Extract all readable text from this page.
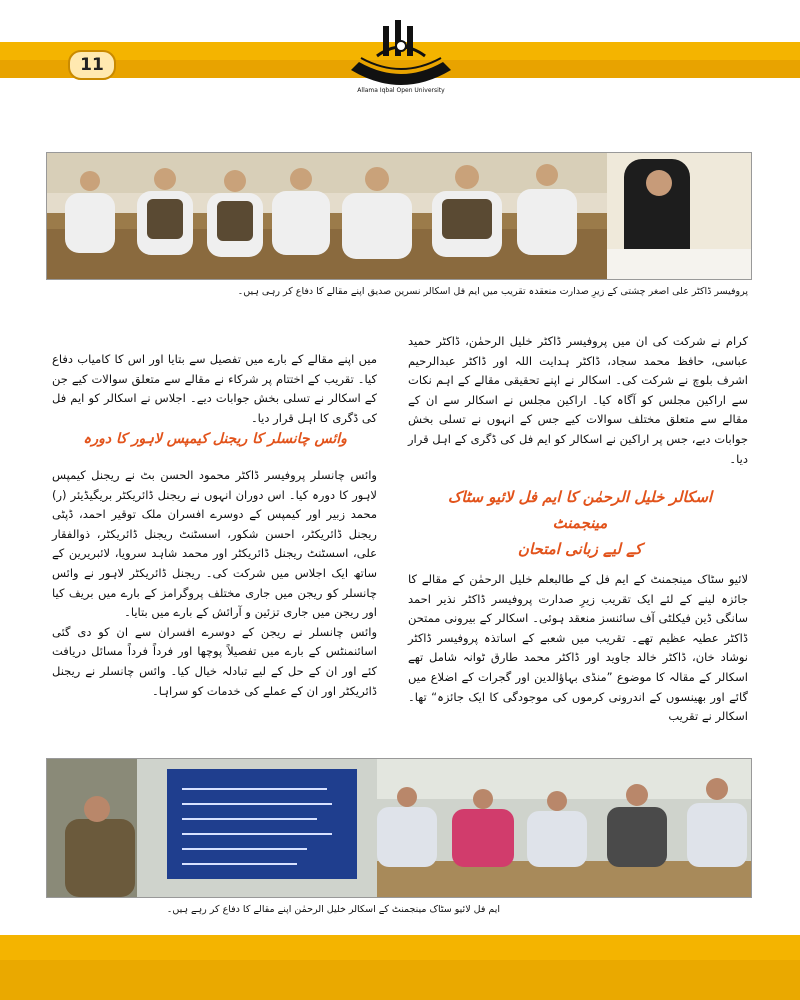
11
Allama Iqbal Open University
پروفیسر ڈاکٹر علی اصغر چشتی کے زیرِ صدارت منعقدہ تقریب میں ایم فل اسکالر نسرین صدیق اپنے مقالے کا دفاع کر رہی ہیں۔

کرام نے شرکت کی ان میں پروفیسر ڈاکٹر خلیل الرحمٰن، ڈاکٹر حمید عباسی، حافظ محمد سجاد، ڈاکٹر ہدایت اللہ اور ڈاکٹر عبدالرحیم اشرف بلوچ نے شرکت کی۔ اسکالر نے اپنے تحقیقی مقالے کے اہم نکات سے اراکین مجلس کو آگاہ کیا۔ اراکین مجلس نے اسکالر سے ان کے مقالے سے متعلق مختلف سوالات کیے جس کے انہوں نے تسلی بخش جوابات دیے، جس پر اراکین نے اسکالر کو ایم فل کی ڈگری کے اہل قرار دیا۔

اسکالر خلیل الرحمٰن کا ایم فل لائیو سٹاک مینجمنٹ
کے لیے زبانی امتحان

لائیو سٹاک مینجمنٹ کے ایم فل کے طالبعلم خلیل الرحمٰن کے مقالے کا جائزہ لینے کے لئے ایک تقریب زیرِ صدارت پروفیسر ڈاکٹر نذیر احمد سانگی ڈین فیکلٹی آف سائنسز منعقد ہوئی۔ اسکالر کے بیرونی ممتحن ڈاکٹر عطیہ عظیم تھے۔ تقریب میں شعبے کے اساتذہ پروفیسر ڈاکٹر نوشاد خان، ڈاکٹر خالد جاوید اور ڈاکٹر محمد طارق ٹوانہ شامل تھے اسکالر کے مقالہ کا موضوع ”منڈی بہاؤالدین اور گجرات کے اضلاع میں گائے اور بھینسوں کے اندرونی کرموں کی موجودگی کا ایک جائزہ“ تھا۔ اسکالر نے تقریب

میں اپنے مقالے کے بارے میں تفصیل سے بتایا اور اس کا کامیاب دفاع کیا۔ تقریب کے اختتام پر شرکاء نے مقالے سے متعلق سوالات کیے جن کے اسکالر نے تسلی بخش جوابات دیے۔ اجلاس نے اسکالر کو ایم فل کی ڈگری کا اہل قرار دیا۔

وائس چانسلر کا ریجنل کیمپس لاہور کا دورہ

وائس چانسلر پروفیسر ڈاکٹر محمود الحسن بٹ نے ریجنل کیمپس لاہور کا دورہ کیا۔ اس دوران انہوں نے ریجنل ڈائریکٹر بریگیڈیئر (ر) محمد زبیر اور کیمپس کے دوسرے افسران ملک توقیر احمد، ڈپٹی ریجنل ڈائریکٹر، احسن شکور، اسسٹنٹ ریجنل ڈائریکٹر، ذوالفقار علی، اسسٹنٹ ریجنل ڈائریکٹر اور محمد شاہد سرویا، لائبریرین کے ساتھ ایک اجلاس میں شرکت کی۔ ریجنل ڈائریکٹر لاہور نے وائس چانسلر کو ریجن میں جاری مختلف پروگرامز کے بارے میں بریف کیا اور ریجن میں جاری تزئین و آرائش کے بارے میں بتایا۔

وائس چانسلر نے ریجن کے دوسرے افسران سے ان کو دی گئی اسائنمنٹس کے بارے میں تفصیلاً پوچھا اور فرداً فرداً مسائل دریافت کئے اور ان کے حل کے لیے تبادلہ خیال کیا۔ وائس چانسلر نے ریجنل ڈائریکٹر اور ان کے عملے کی خدمات کو سراہا۔

ایم فل لائیو سٹاک مینجمنٹ کے اسکالر خلیل الرحمٰن اپنے مقالے کا دفاع کر رہے ہیں۔
